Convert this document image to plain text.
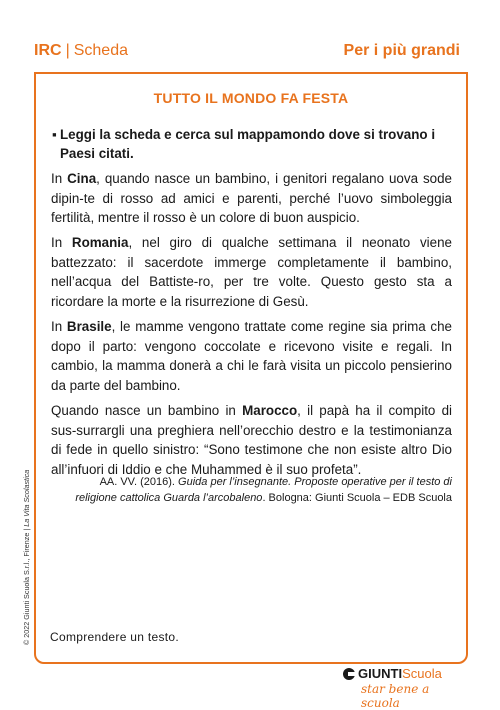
IRC | Scheda	Per i più grandi
TUTTO IL MONDO FA FESTA
▪ Leggi la scheda e cerca sul mappamondo dove si trovano i Paesi citati.
In Cina, quando nasce un bambino, i genitori regalano uova sode dipin-te di rosso ad amici e parenti, perché l’uovo simboleggia fertilità, mentre il rosso è un colore di buon auspicio.
In Romania, nel giro di qualche settimana il neonato viene battezzato: il sacerdote immerge completamente il bambino, nell’acqua del Battiste-ro, per tre volte. Questo gesto sta a ricordare la morte e la risurrezione di Gesù.
In Brasile, le mamme vengono trattate come regine sia prima che dopo il parto: vengono coccolate e ricevono visite e regali. In cambio, la mamma donerà a chi le farà visita un piccolo pensierino da parte del bambino.
Quando nasce un bambino in Marocco, il papà ha il compito di sus-surrargli una preghiera nell’orecchio destro e la testimonianza di fede in quello sinistro: “Sono testimone che non esiste altro Dio all’infuori di Iddio e che Muhammed è il suo profeta”.
AA. VV. (2016). Guida per l’insegnante. Proposte operative per il testo di religione cattolica Guarda l’arcobaleno. Bologna: Giunti Scuola – EDB Scuola
Comprendere un testo.
© 2022 Giunti Scuola S.r.l., Firenze | La Vita Scolastica
GIUNTIScuola
star bene a scuola
